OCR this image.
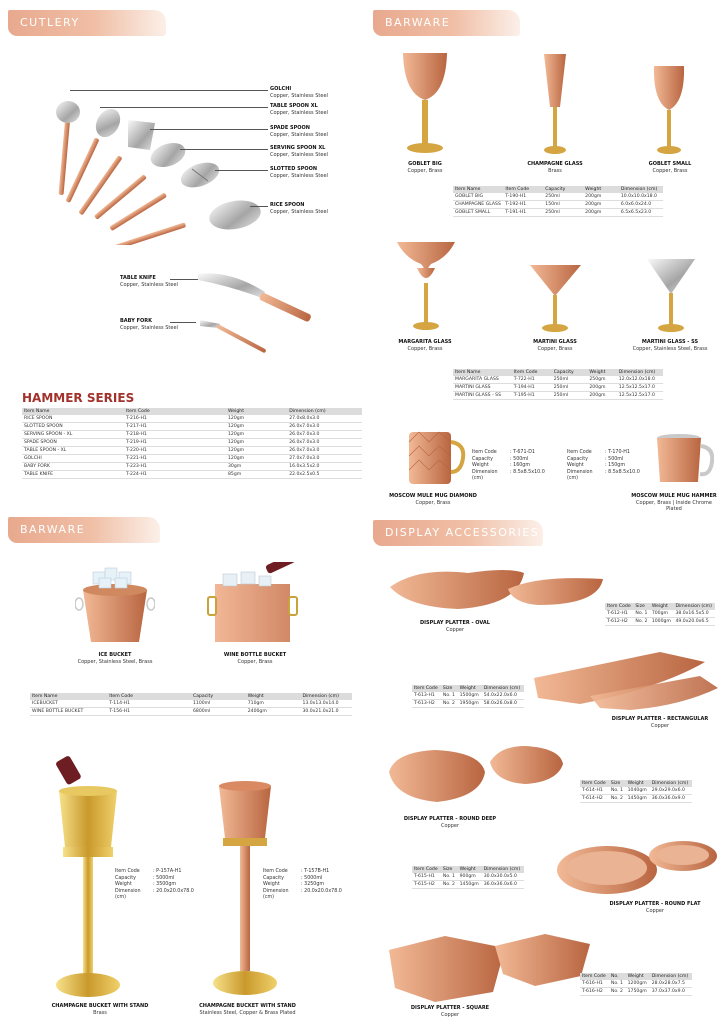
CUTLERY
GOLCHI
Copper, Stainless Steel
TABLE SPOON XL
Copper, Stainless Steel
SPADE SPOON
Copper, Stainless Steel
SERVING SPOON XL
Copper, Stainless Steel
SLOTTED SPOON
Copper, Stainless Steel
RICE SPOON
Copper, Stainless Steel
TABLE KNIFE
Copper, Stainless Steel
BABY FORK
Copper, Stainless Steel
HAMMER SERIES
Item Name	Item Code	Weight	Dimension (cm)
RICE SPOON	T-216-H1	120gm	27.0x8.0x3.0
SLOTTED SPOON	T-217-H1	120gm	26.0x7.0x3.0
SERVING SPOON - XL	T-218-H1	120gm	26.0x7.0x3.0
SPADE SPOON	T-219-H1	120gm	26.0x7.0x3.0
TABLE SPOON - XL	T-220-H1	120gm	26.0x7.0x3.0
GOLCHI	T-221-H1	120gm	27.0x7.0x3.0
BABY FORK	T-223-H1	30gm	16.0x3.5x2.0
TABLE KNIFE	T-224-H1	85gm	22.0x2.5x0.5
BARWARE
ICE BUCKET
Copper, Stainless Steel, Brass
WINE BOTTLE BUCKET
Copper, Brass
Item Name	Item Code	Capacity	Weight	Dimension (cm)
ICEBUCKET	T-114-H1	1100ml	710gm	13.0x13.0x14.0
WINE BOTTLE BUCKET	T-156-H1	6800ml	2400gm	30.0x21.0x21.0
CHAMPAGNE BUCKET WITH STAND
Brass
Item Code	: P-157A-H1
Capacity	: 5000ml
Weight	: 3500gm
Dimension (cm)
: 20.0x20.0x78.0
CHAMPAGNE BUCKET WITH STAND
Stainless Steel, Copper & Brass Plated
Item Code	: T-157B-H1
Capacity	: 5000ml
Weight	: 3250gm
Dimension (cm)
: 20.0x20.0x78.0
BARWARE
GOBLET BIG
Copper, Brass
CHAMPAGNE GLASS
Brass
GOBLET SMALL
Copper, Brass
Item Name	Item Code	Capacity	Weight	Dimension (cm)
GOBLET BIG	T-190-H1	250ml	200gm	10.0x10.0x18.0
CHAMPAGNE GLASS	T-192-H1	150ml	200gm	6.0x6.0x24.0
GOBLET SMALL	T-191-H1	250ml	200gm	6.5x6.5x23.0
MARGARITA GLASS
Copper, Brass
MARTINI GLASS
Copper, Brass
MARTINI GLASS - SS
Copper, Stainless Steel, Brass
Item Name	Item Code	Capacity	Weight	Dimension (cm)
MARGARITA GLASS	T-722-H1	250ml	250gm	12.0x12.0x18.0
MARTINI GLASS	T-194-H1	250ml	200gm	12.5x12.5x17.0
MARTINI GLASS - SS	T-195-H1	250ml	200gm	12.5x12.5x17.0
MOSCOW MULE MUG DIAMOND
Copper, Brass
Item Code	: T-671-D1
Capacity	: 500ml
Weight	: 160gm
Dimension (cm)
: 8.5x8.5x10.0
MOSCOW MULE MUG HAMMER
Copper, Brass | Inside Chrome Plated
Item Code	: T-170-H1
Capacity	: 500ml
Weight	: 150gm
Dimension (cm)
: 8.5x8.5x10.0
DISPLAY ACCESSORIES
DISPLAY PLATTER - OVAL
Copper
Item Code	Size	Weight	Dimension (cm)
T-612-H1	No. 1	700gm	38.0x16.5x5.0
T-612-H2	No. 2	1000gm	49.0x20.0x6.5
Item Code	Size	Weight	Dimension (cm)
T-613-H1	No. 1	1500gm	54.0x22.0x6.0
T-613-H2	No. 2	1950gm	58.0x26.0x8.0
DISPLAY PLATTER - RECTANGULAR
Copper
DISPLAY PLATTER - ROUND DEEP
Copper
Item Code	Size	Weight	Dimension (cm)
T-614-H1	No. 1	1040gm	29.0x29.0x6.0
T-614-H2	No. 2	1450gm	36.0x36.0x9.0
Item Code	Size	Weight	Dimension (cm)
T-615-H1	No. 1	900gm	30.0x30.0x5.0
T-615-H2	No. 2	1450gm	36.0x36.0x6.0
DISPLAY PLATTER - ROUND FLAT
Copper
DISPLAY PLATTER - SQUARE
Copper
Item Code	No.	Weight	Dimension (cm)
T-616-H1	No. 1	1200gm	28.0x28.0x7.5
T-616-H2	No. 2	1750gm	37.0x37.0x9.0
